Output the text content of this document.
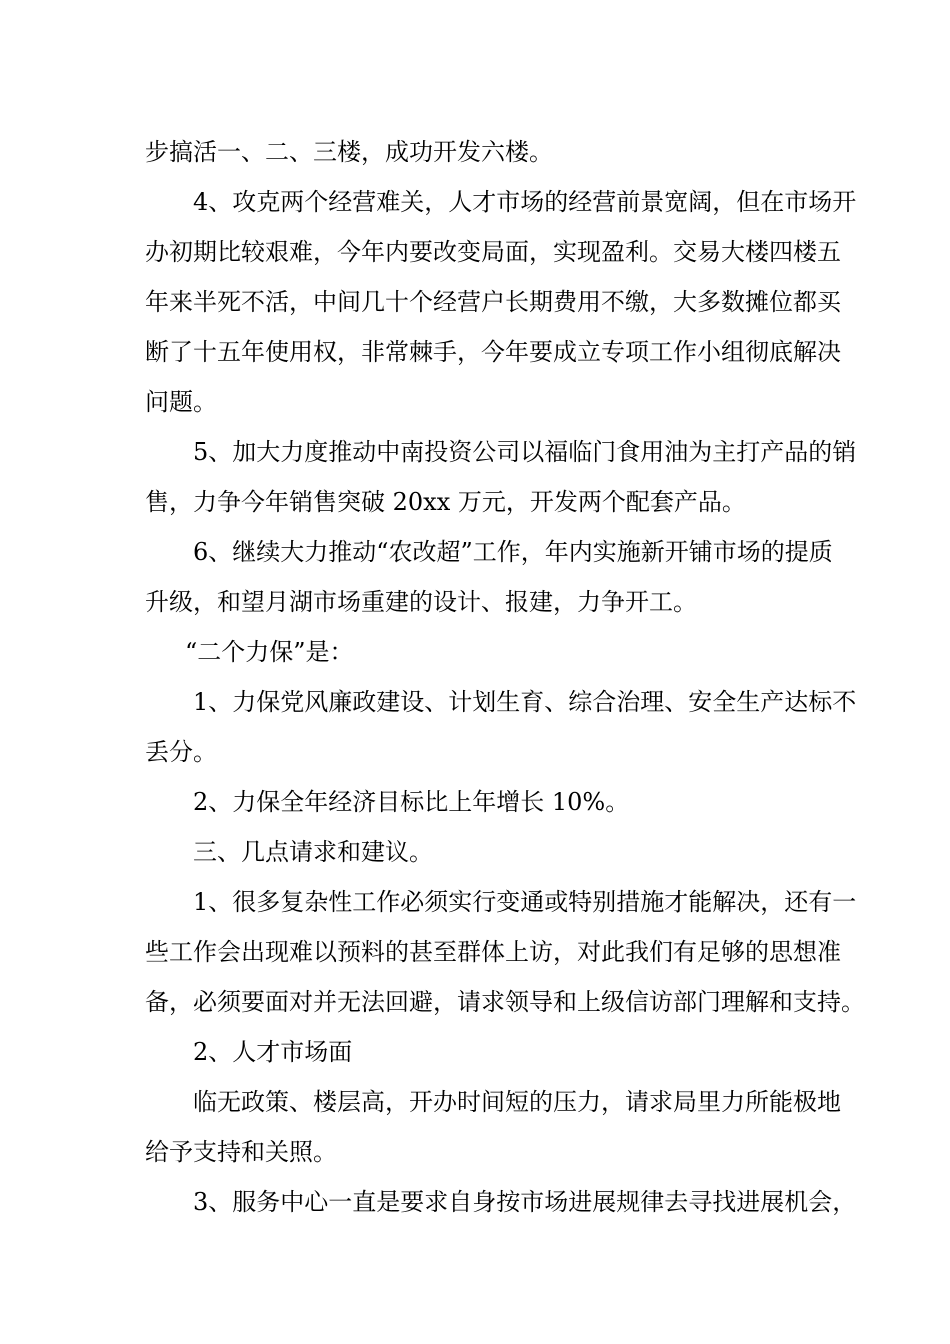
步搞活一、二、三楼，成功开发六楼。
4、攻克两个经营难关，人才市场的经营前景宽阔，但在市场开
办初期比较艰难，今年内要改变局面，实现盈利。交易大楼四楼五
年来半死不活，中间几十个经营户长期费用不缴，大多数摊位都买
断了十五年使用权，非常棘手，今年要成立专项工作小组彻底解决
问题。
5、加大力度推动中南投资公司以福临门食用油为主打产品的销
售，力争今年销售突破 20xx 万元，开发两个配套产品。
6、继续大力推动“农改超”工作，年内实施新开铺市场的提质
升级，和望月湖市场重建的设计、报建，力争开工。
“二个力保”是：
1、力保党风廉政建设、计划生育、综合治理、安全生产达标不
丢分。
2、力保全年经济目标比上年增长 10%。
三、几点请求和建议。
1、很多复杂性工作必须实行变通或特别措施才能解决，还有一
些工作会出现难以预料的甚至群体上访，对此我们有足够的思想准
备，必须要面对并无法回避，请求领导和上级信访部门理解和支持。
2、人才市场面
临无政策、楼层高，开办时间短的压力，请求局里力所能极地
给予支持和关照。
3、服务中心一直是要求自身按市场进展规律去寻找进展机会，
